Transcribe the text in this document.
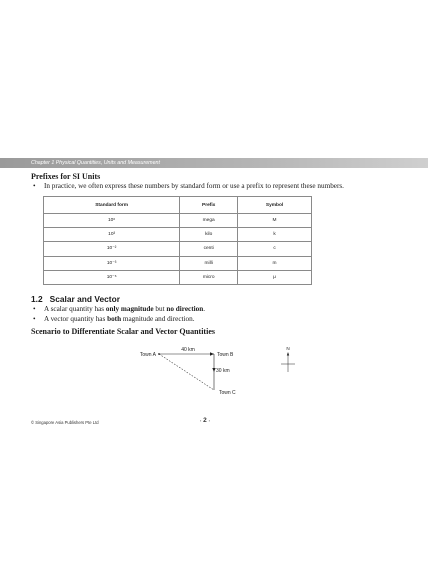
Chapter 1 Physical Quantities, Units and Measurement
Prefixes for SI Units
• In practice, we often express these numbers by standard form or use a prefix to represent these numbers.
Standard form	Prefix	Symbol
10⁶	mega	M
10³	kilo	k
10⁻²	centi	c
10⁻³	milli	m
10⁻⁶	micro	μ
1.2 Scalar and Vector
• A scalar quantity has only magnitude but no direction.
• A vector quantity has both magnitude and direction.
Scenario to Differentiate Scalar and Vector Quantities
Town A	Town B
Town C
40 km
30 km
N
© Singapore Asia Publishers Pte Ltd	‹ 2 ›
